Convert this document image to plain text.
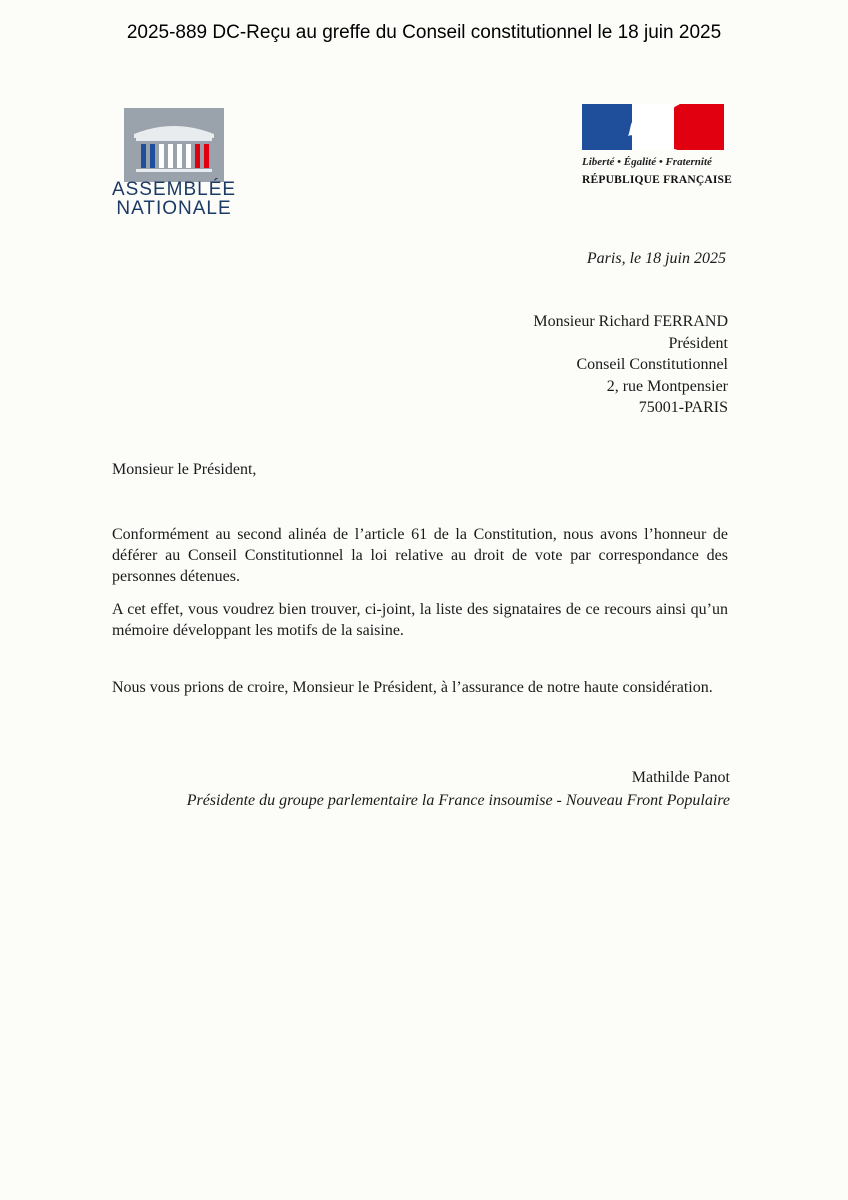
2025-889 DC-Reçu au greffe du Conseil constitutionnel le 18 juin 2025
ASSEMBLÉE
NATIONALE
Liberté • Égalité • Fraternité
RÉPUBLIQUE FRANÇAISE
Paris, le 18 juin 2025
Monsieur Richard FERRAND
Président
Conseil Constitutionnel
2, rue Montpensier
75001-PARIS
Monsieur le Président,
Conformément au second alinéa de l’article 61 de la Constitution, nous avons l’honneur de déférer au Conseil Constitutionnel la loi relative au droit de vote par correspondance des personnes détenues.
A cet effet, vous voudrez bien trouver, ci-joint, la liste des signataires de ce recours ainsi qu’un mémoire développant les motifs de la saisine.
Nous vous prions de croire, Monsieur le Président, à l’assurance de notre haute considération.
Mathilde Panot
Présidente du groupe parlementaire la France insoumise - Nouveau Front Populaire
